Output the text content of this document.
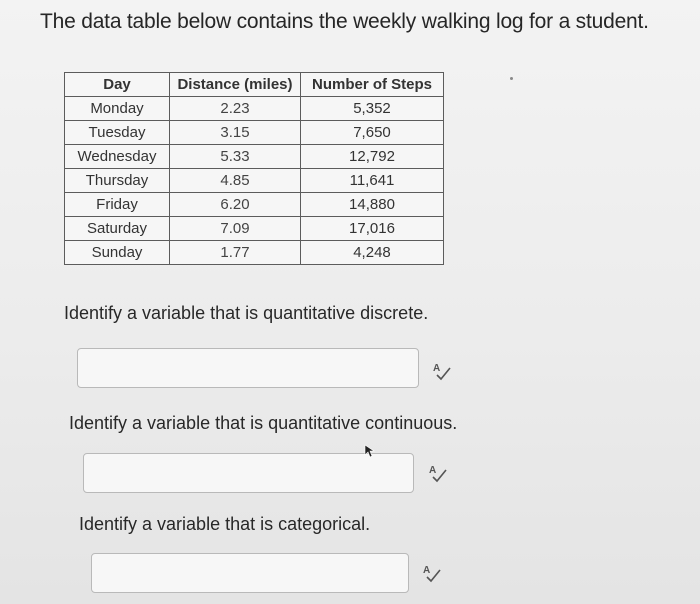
The data table below contains the weekly walking log for a student.
Day	Distance (miles)	Number of Steps
Monday	2.23	5,352
Tuesday	3.15	7,650
Wednesday	5.33	12,792
Thursday	4.85	11,641
Friday	6.20	14,880
Saturday	7.09	17,016
Sunday	1.77	4,248
Identify a variable that is quantitative discrete.
A
Identify a variable that is quantitative continuous.
A
Identify a variable that is categorical.
A
